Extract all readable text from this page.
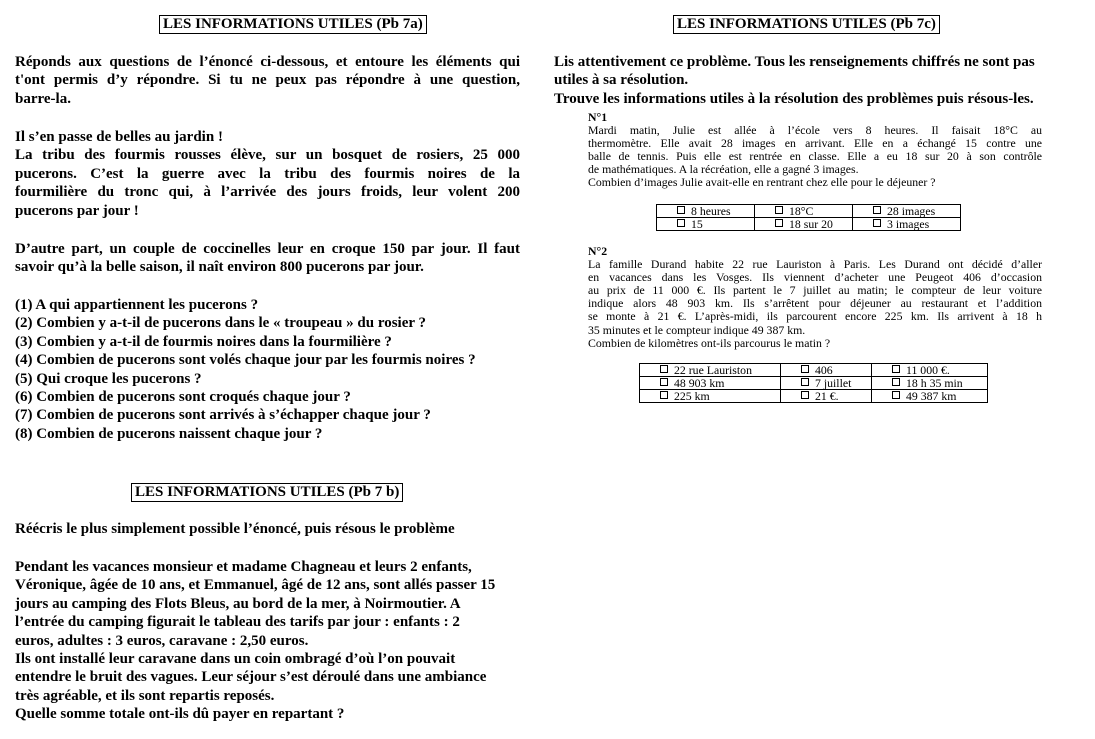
LES INFORMATIONS UTILES (Pb 7a)
Réponds aux questions de l’énoncé ci-dessous, et entoure les éléments qui
t'ont permis d’y répondre. Si tu ne peux pas répondre à une question,
barre-la.
Il s’en passe de belles au jardin !
La tribu des fourmis rousses élève, sur un bosquet de rosiers, 25 000
pucerons. C’est la guerre avec la tribu des fourmis noires de la
fourmilière du tronc qui, à l’arrivée des jours froids, leur volent 200
pucerons par jour !
D’autre part, un couple de coccinelles leur en croque 150 par jour. Il faut
savoir qu’à la belle saison, il naît environ 800 pucerons par jour.
(1) A qui appartiennent les pucerons ?
(2) Combien y a-t-il de pucerons dans le « troupeau » du rosier ?
(3) Combien y a-t-il de fourmis noires dans la fourmilière ?
(4) Combien de pucerons sont volés chaque jour par les fourmis noires ?
(5) Qui croque les pucerons ?
(6) Combien de pucerons sont croqués chaque jour ?
(7) Combien de pucerons sont arrivés à s’échapper chaque jour ?
(8) Combien de pucerons naissent chaque jour ?
LES INFORMATIONS UTILES (Pb 7 b)
Réécris le plus simplement possible l’énoncé, puis résous le problème
Pendant les vacances monsieur et madame Chagneau et leurs 2 enfants,
Véronique, âgée de 10 ans, et Emmanuel, âgé de 12 ans, sont allés passer 15
jours au camping des Flots Bleus, au bord de la mer, à Noirmoutier. A
l’entrée du camping figurait le tableau des tarifs par jour : enfants : 2
euros, adultes : 3 euros, caravane : 2,50 euros.
Ils ont installé leur caravane dans un coin ombragé d’où l’on pouvait
entendre le bruit des vagues. Leur séjour s’est déroulé dans une ambiance
très agréable, et ils sont repartis reposés.
Quelle somme totale ont-ils dû payer en repartant ?
LES INFORMATIONS UTILES (Pb 7c)
Lis attentivement ce problème. Tous les renseignements chiffrés ne sont pas
utiles à sa résolution.
Trouve les informations utiles à la résolution des problèmes puis résous-les.
N°1
Mardi matin, Julie est allée à l’école vers 8 heures. Il faisait 18°C au
thermomètre. Elle avait 28 images en arrivant. Elle en a échangé 15 contre une
balle de tennis. Puis elle est rentrée en classe. Elle a eu 18 sur 20 à son contrôle
de mathématiques. A la récréation, elle a gagné 3 images.
Combien d’images Julie avait-elle en rentrant chez elle pour le déjeuner ?
8 heures	18°C	28 images
15	18 sur 20	3 images
N°2
La famille Durand habite 22 rue Lauriston à Paris. Les Durand ont décidé d’aller
en vacances dans les Vosges. Ils viennent d’acheter une Peugeot 406 d’occasion
au prix de 11 000 €. Ils partent le 7 juillet au matin; le compteur de leur voiture
indique alors 48 903 km. Ils s’arrêtent pour déjeuner au restaurant et l’addition
se monte à 21 €. L’après-midi, ils parcourent encore 225 km. Ils arrivent à 18 h
35 minutes et le compteur indique 49 387 km.
Combien de kilomètres ont-ils parcourus le matin ?
22 rue Lauriston	406	11 000 €.
48 903 km	7 juillet	18 h 35 min
225 km	21 €.	49 387 km
